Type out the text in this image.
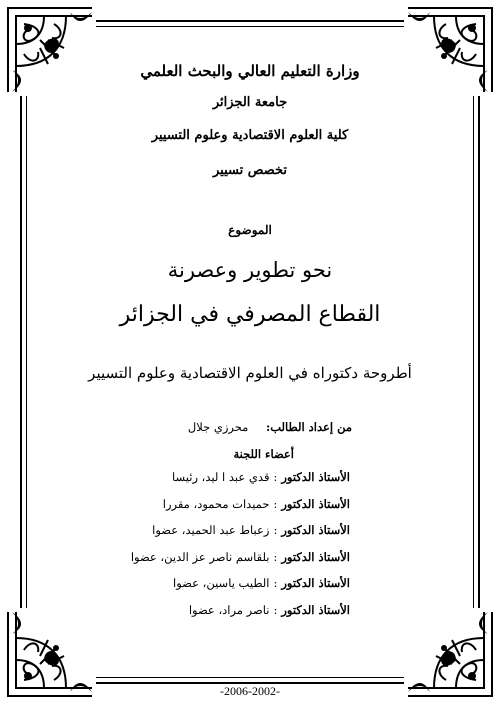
وزارة التعليم العالي والبحث العلمي
جامعة الجزائر
كلية العلوم الاقتصادية وعلوم التسيير
تخصص تسيير
الموضوع
نحو تطوير وعصرنة
القطاع المصرفي في الجزائر
أطروحة دكتوراه في العلوم الاقتصادية وعلوم التسيير
من إعداد الطالب: محرزي جلال
أعضاء اللجنة
الأستاذ الدكتور:قدي عبد ا ليد، رئيسا
الأستاذ الدكتور:حميدات محمود، مقررا
الأستاذ الدكتور:زعباط عبد الحميد، عضوا
الأستاذ الدكتور:بلقاسم ناصر عز الدين، عضوا
الأستاذ الدكتور:الطيب ياسين، عضوا
الأستاذ الدكتور:ناصر مراد، عضوا
-2006-2002-
